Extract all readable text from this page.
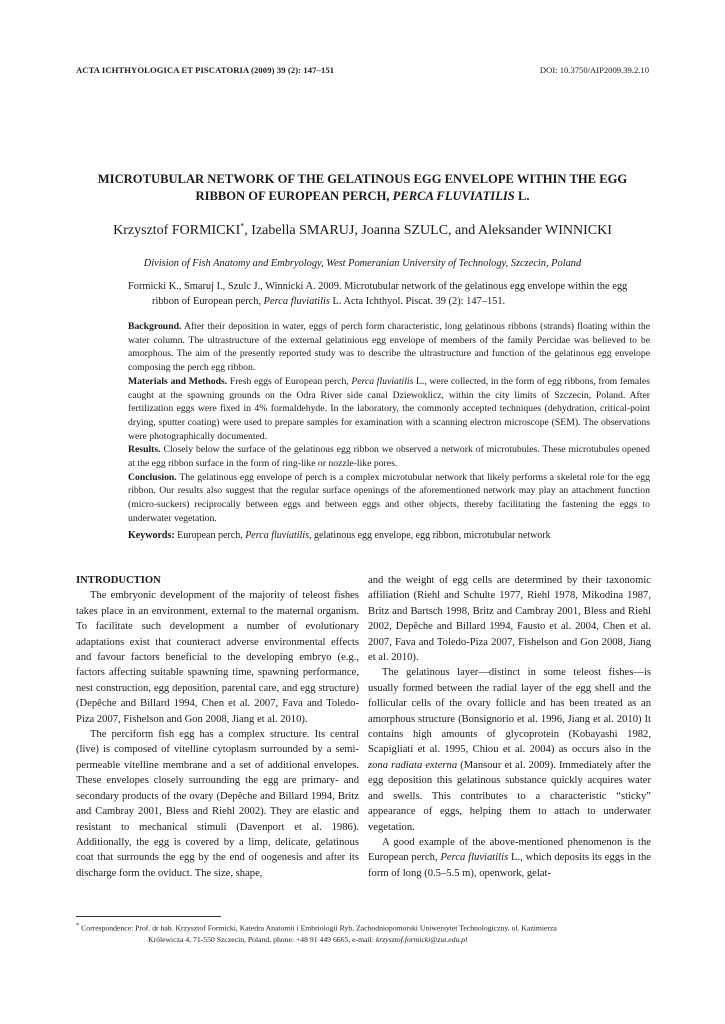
ACTA ICHTHYOLOGICA ET PISCATORIA (2009) 39 (2): 147–151	DOI: 10.3750/AIP2009.39.2.10
MICROTUBULAR NETWORK OF THE GELATINOUS EGG ENVELOPE WITHIN THE EGG
RIBBON OF EUROPEAN PERCH, PERCA FLUVIATILIS L.
Krzysztof FORMICKI*, Izabella SMARUJ, Joanna SZULC, and Aleksander WINNICKI
Division of Fish Anatomy and Embryology, West Pomeranian University of Technology, Szczecin, Poland
Formicki K., Smaruj I., Szulc J., Winnicki A. 2009. Microtubular network of the gelatinous egg envelope within the egg ribbon of European perch, Perca fluviatilis L. Acta Ichthyol. Piscat. 39 (2): 147–151.

Background. After their deposition in water, eggs of perch form characteristic, long gelatinous ribbons (strands) floating within the water column. The ultrastructure of the external gelatinious egg envelope of members of the family Percidae was believed to be amorphous. The aim of the presently reported study was to describe the ultrastructure and function of the gelatinous egg envelope composing the perch egg ribbon.

Materials and Methods. Fresh eggs of European perch, Perca fluviatilis L., were collected, in the form of egg ribbons, from females caught at the spawning grounds on the Odra River side canal Dziewoklicz, within the city limits of Szczecin, Poland. After fertilization eggs were fixed in 4% formaldehyde. In the laboratory, the commonly accepted techniques (dehydration, critical-point drying, sputter coating) were used to prepare samples for examination with a scanning electron microscope (SEM). The observations were photographically documented.

Results. Closely below the surface of the gelatinous egg ribbon we observed a network of microtubules. These microtubules opened at the egg ribbon surface in the form of ring-like or nozzle-like pores.

Conclusion. The gelatinous egg envelope of perch is a complex microtubular network that likely performs a skeletal role for the egg ribbon. Our results also suggest that the regular surface openings of the aforementioned network may play an attachment function (micro-suckers) reciprocally between eggs and between eggs and other objects, thereby facilitating the fastening the eggs to underwater vegetation.

Keywords: European perch, Perca fluviatilis, gelatinous egg envelope, egg ribbon, microtubular network

INTRODUCTION

The embryonic development of the majority of teleost fishes takes place in an environment, external to the maternal organism. To facilitate such development a number of evolutionary adaptations exist that counteract adverse environmental effects and favour factors beneficial to the developing embryo (e.g., factors affecting suitable spawning time, spawning performance, nest construction, egg deposition, parental care, and egg structure) (Depêche and Billard 1994, Chen et al. 2007, Fava and Toledo-Piza 2007, Fishelson and Gon 2008, Jiang et al. 2010).

The perciform fish egg has a complex structure. Its central (live) is composed of vitelline cytoplasm surrounded by a semi-permeable vitelline membrane and a set of additional envelopes. These envelopes closely surrounding the egg are primary- and secondary products of the ovary (Depêche and Billard 1994, Britz and Cambray 2001, Bless and Riehl 2002). They are elastic and resistant to mechanical stimuli (Davenport et al. 1986). Additionally, the egg is covered by a limp, delicate, gelatinous coat that surrounds the egg by the end of oogenesis and after its discharge form the oviduct. The size, shape,

and the weight of egg cells are determined by their taxonomic affiliation (Riehl and Schulte 1977, Riehl 1978, Mikodina 1987, Britz and Bartsch 1998, Britz and Cambray 2001, Bless and Riehl 2002, Depêche and Billard 1994, Fausto et al. 2004, Chen et al. 2007, Fava and Toledo-Piza 2007, Fishelson and Gon 2008, Jiang et al. 2010).

The gelatinous layer—distinct in some teleost fishes—is usually formed between the radial layer of the egg shell and the follicular cells of the ovary follicle and has been treated as an amorphous structure (Bonsignorio et al. 1996, Jiang et al. 2010) It contains high amounts of glycoprotein (Kobayashi 1982, Scapigliati et al. 1995, Chiou et al. 2004) as occurs also in the zona radiata externa (Mansour et al. 2009). Immediately after the egg deposition this gelatinous substance quickly acquires water and swells. This contributes to a characteristic “sticky” appearance of eggs, helping them to attach to underwater vegetation.

A good example of the above-mentioned phenomenon is the European perch, Perca fluviatilis L., which deposits its eggs in the form of long (0.5–5.5 m), openwork, gelat-

* Correspondence: Prof. dr hab. Krzysztof Formicki, Katedra Anatomii i Embriologii Ryb, Zachodniopomorski Uniwersytet Technologiczny, ul. Kazimierza
Królewicza 4, 71-550 Szczecin, Poland, phone: +48 91 449 6665, e-mail: krzysztof.formicki@zut.edu.pl
